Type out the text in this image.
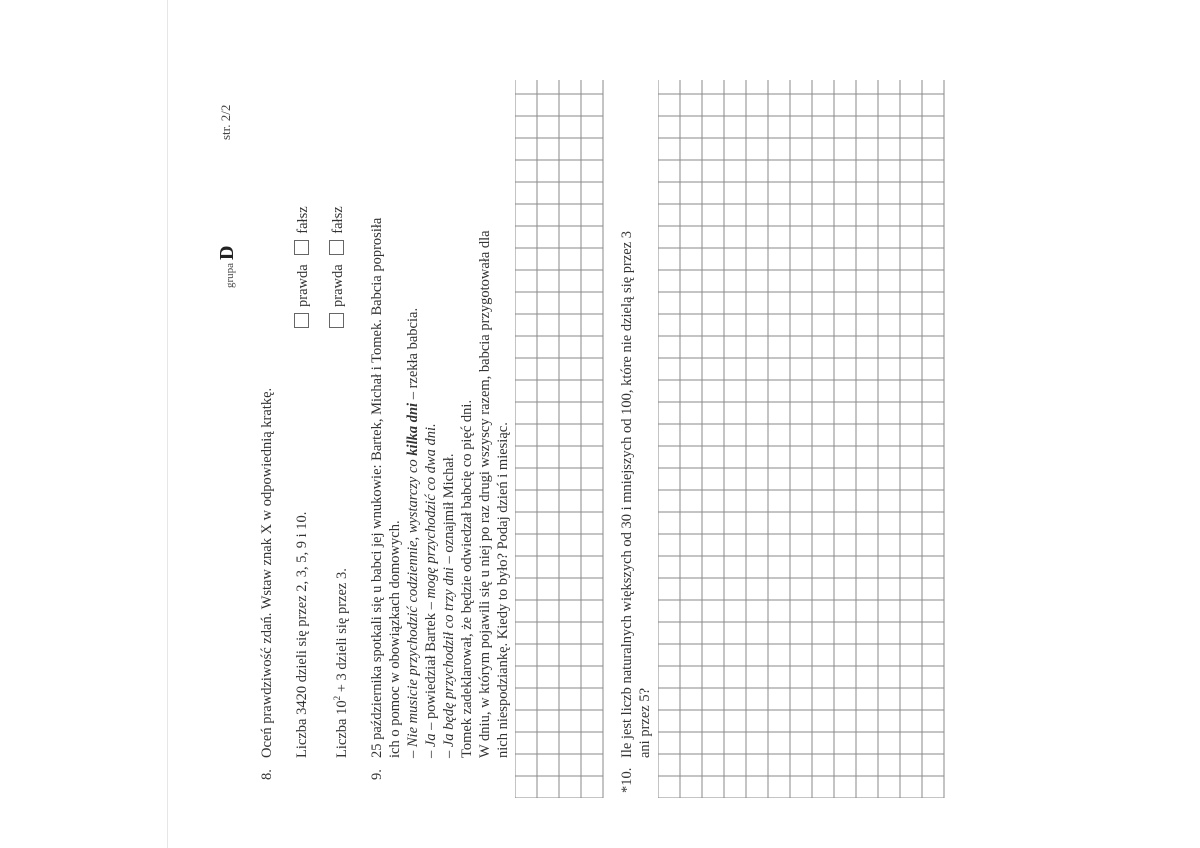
grupaD
str. 2/2
8.
Oceń prawdziwość zdań. Wstaw znak X w odpowiednią kratkę. Liczba 3420 dzieli się przez 2, 3, 5, 9 i 10.
prawda fałsz
Liczba $10^2 + 3$ dzieli się przez 3.
prawda fałsz
9.
25 października spotkali się u babci jej wnukowie: Bartek, Michał i Tomek. Babcia poprosiła ich o pomoc w obowiązkach domowych. – Nie musicie przychodzić codziennie, wystarczy co kilka dni – rzekła babcia.
– Ja – powiedział Bartek – mogę przychodzić co dwa dni.
– Ja będę przychodził co trzy dni – oznajmił Michał. Tomek zadeklarował, że będzie odwiedzał babcię co pięć dni. W dniu, w którym pojawili się u niej po raz drugi wszyscy razem, babcia przygotowała dla nich niespodziankę. Kiedy to było? Podaj dzień i miesiąc.
*10.
Ile jest liczb naturalnych większych od 30 i mniejszych od 100, które nie dzielą się przez 3 ani przez 5?
